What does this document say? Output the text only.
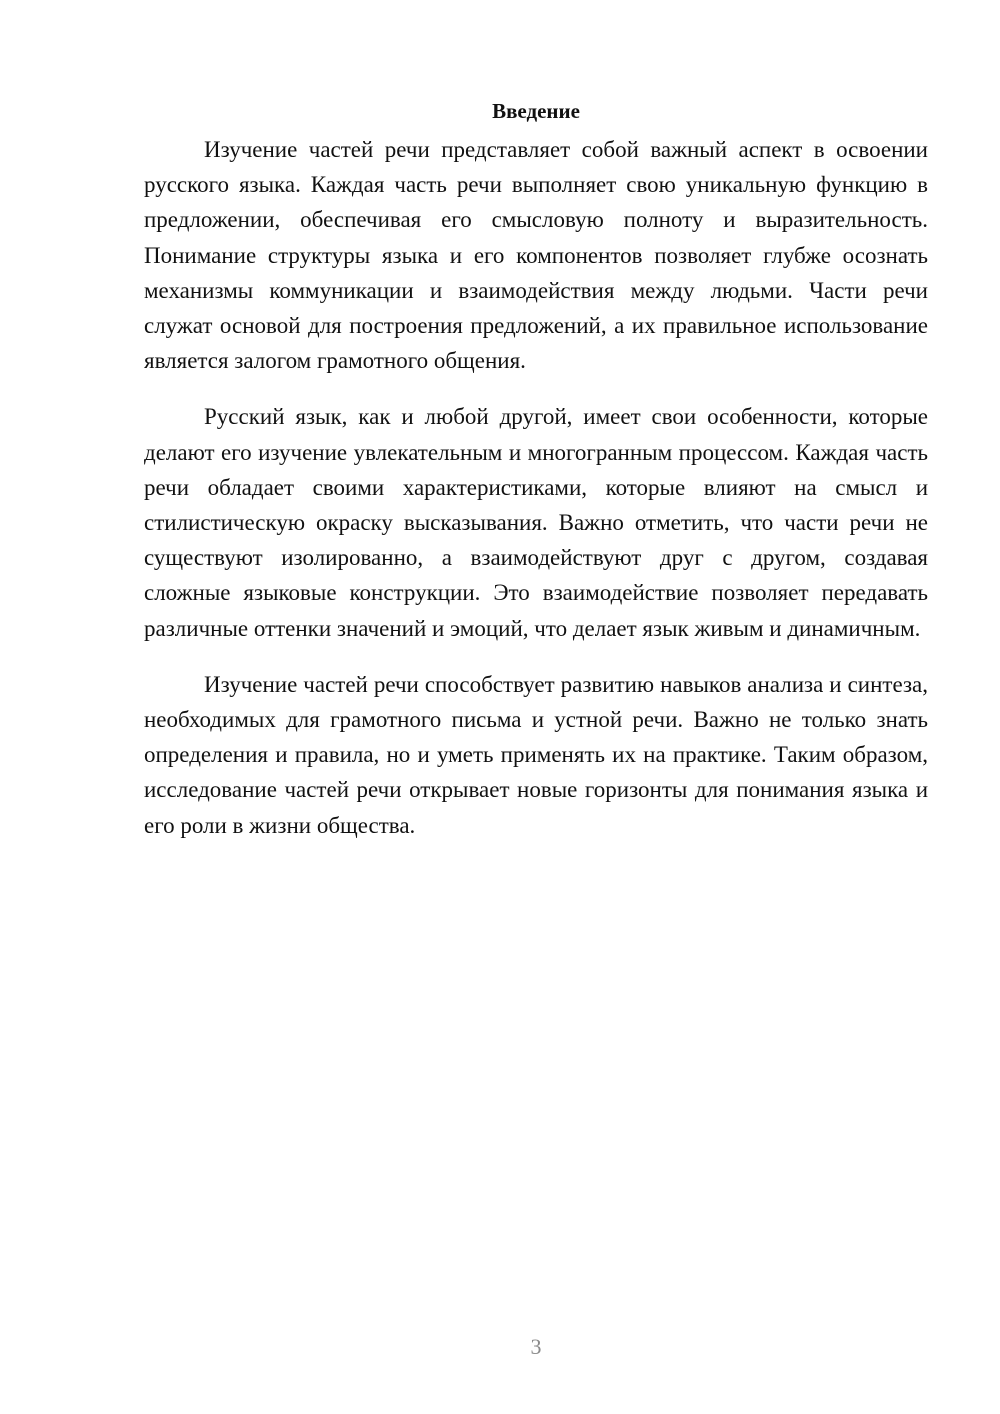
Введение

Изучение частей речи представляет собой важный аспект в освоении русского языка. Каждая часть речи выполняет свою уникальную функцию в предложении, обеспечивая его смысловую полноту и выразительность. Понимание структуры языка и его компонентов позволяет глубже осознать механизмы коммуникации и взаимодействия между людьми. Части речи служат основой для построения предложений, а их правильное использование является залогом грамотного общения.

Русский язык, как и любой другой, имеет свои особенности, которые делают его изучение увлекательным и многогранным процессом. Каждая часть речи обладает своими характеристиками, которые влияют на смысл и стилистическую окраску высказывания. Важно отметить, что части речи не существуют изолированно, а взаимодействуют друг с другом, создавая сложные языковые конструкции. Это взаимодействие позволяет передавать различные оттенки значений и эмоций, что делает язык живым и динамичным.

Изучение частей речи способствует развитию навыков анализа и синтеза, необходимых для грамотного письма и устной речи. Важно не только знать определения и правила, но и уметь применять их на практике. Таким образом, исследование частей речи открывает новые горизонты для понимания языка и его роли в жизни общества.

3
